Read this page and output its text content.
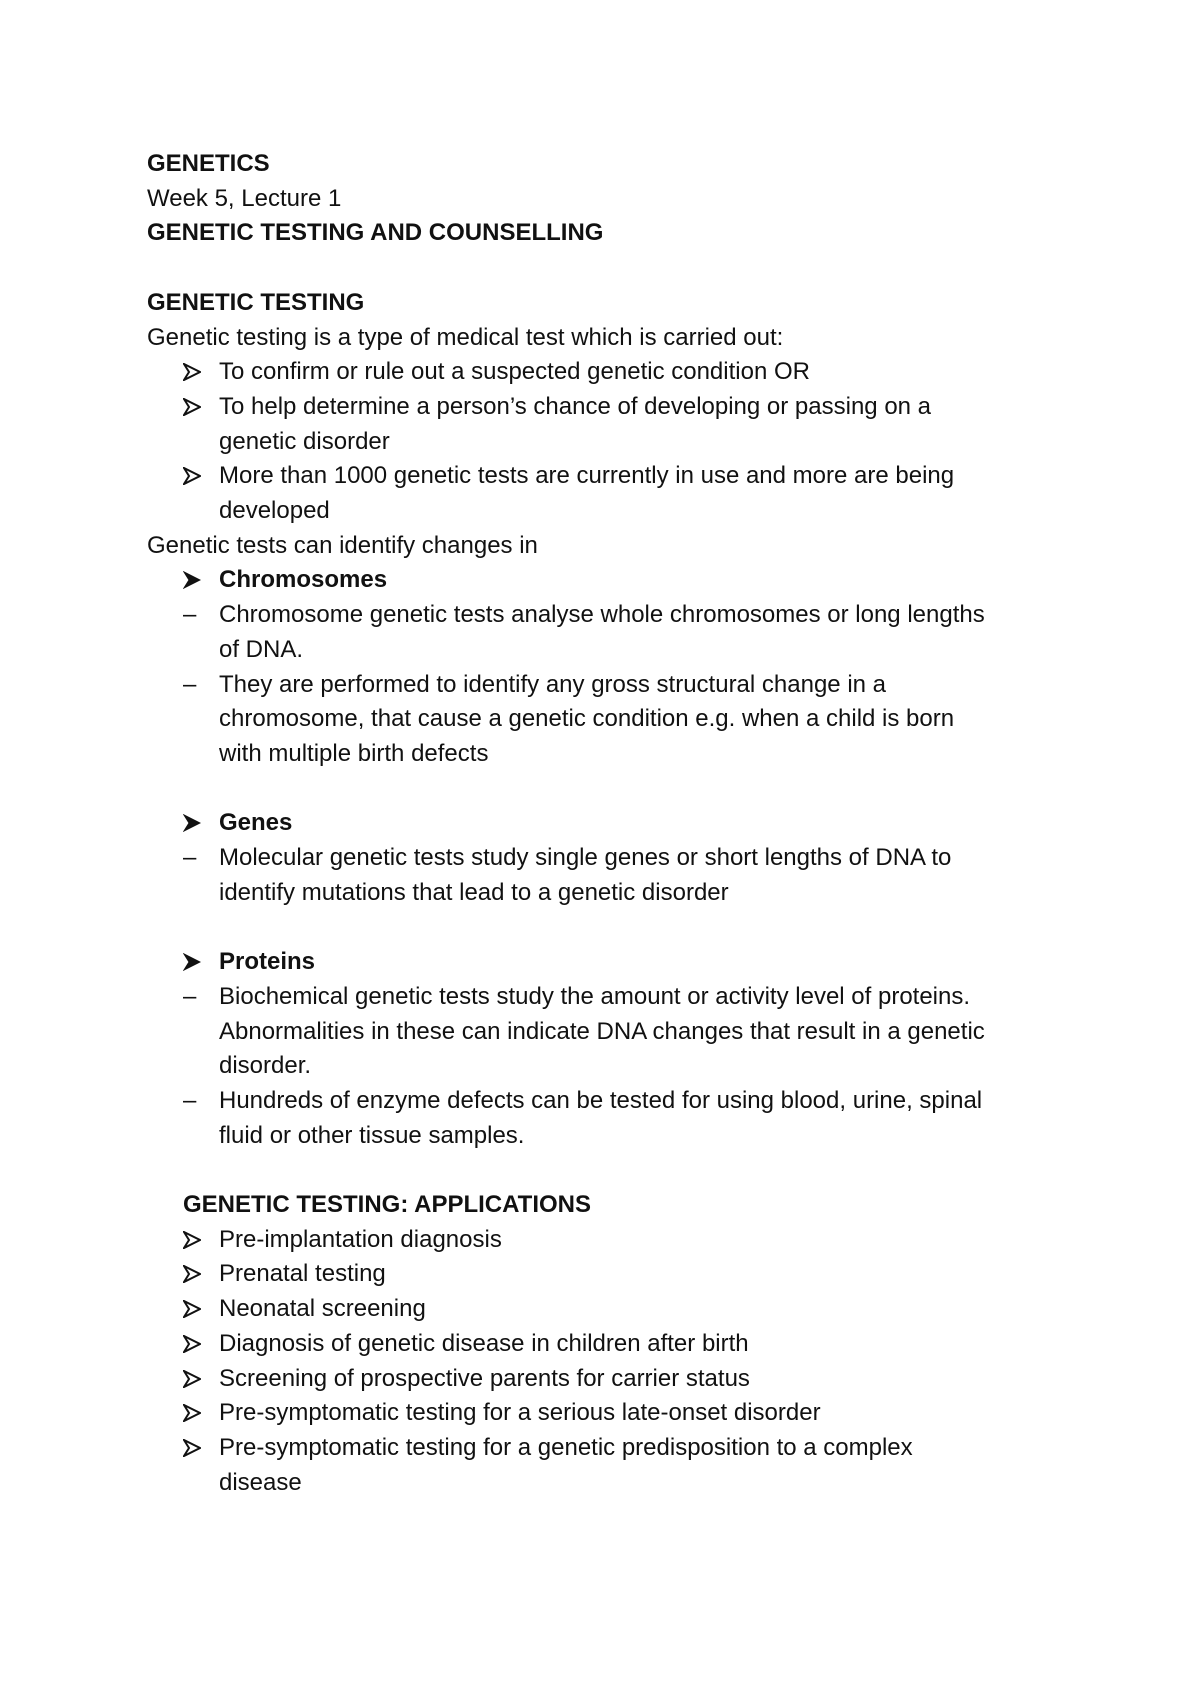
GENETICS

Week 5, Lecture 1

GENETIC TESTING AND COUNSELLING

GENETIC TESTING

Genetic testing is a type of medical test which is carried out:

To confirm or rule out a suspected genetic condition OR
To help determine a person’s chance of developing or passing on a genetic disorder
More than 1000 genetic tests are currently in use and more are being developed

Genetic tests can identify changes in

Chromosomes
– Chromosome genetic tests analyse whole chromosomes or long lengths of DNA.
– They are performed to identify any gross structural change in a chromosome, that cause a genetic condition e.g. when a child is born with multiple birth defects
Genes
– Molecular genetic tests study single genes or short lengths of DNA to identify mutations that lead to a genetic disorder
Proteins
– Biochemical genetic tests study the amount or activity level of proteins. Abnormalities in these can indicate DNA changes that result in a genetic disorder.
– Hundreds of enzyme defects can be tested for using blood, urine, spinal fluid or other tissue samples.

GENETIC TESTING: APPLICATIONS

Pre-implantation diagnosis
Prenatal testing
Neonatal screening
Diagnosis of genetic disease in children after birth
Screening of prospective parents for carrier status
Pre-symptomatic testing for a serious late-onset disorder
Pre-symptomatic testing for a genetic predisposition to a complex disease
